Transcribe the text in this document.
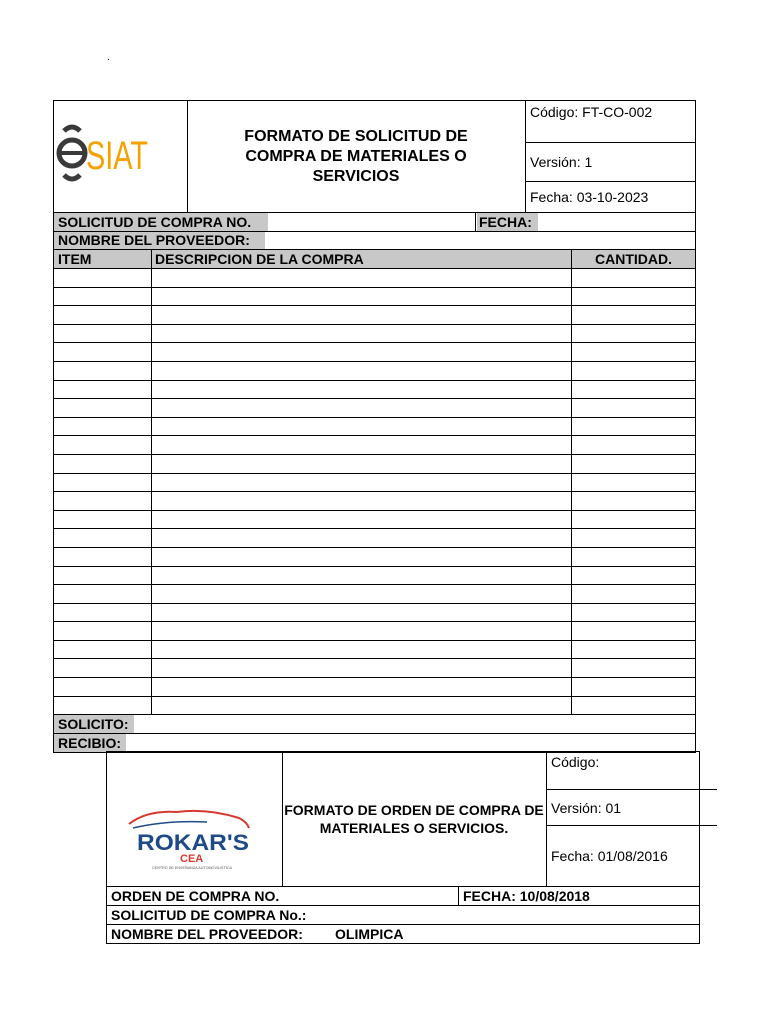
.
SIAT	FORMATO DE SOLICITUD DE COMPRA DE MATERIALES O SERVICIOS
Código: FT-CO-002
Versión: 1
Fecha: 03-10-2023
SOLICITUD DE COMPRA NO.	FECHA:
NOMBRE DEL PROVEEDOR:
ITEM	DESCRIPCION DE LA COMPRA	CANTIDAD.
SOLICITO:
RECIBIO:
ROKAR'S
CEA
CENTRO DE ENSEÑANZA AUTOMOVILISTICA
FORMATO DE ORDEN DE COMPRA DE MATERIALES O SERVICIOS.
Código:
Versión: 01
Fecha: 01/08/2016
ORDEN DE COMPRA NO.	FECHA: 10/08/2018
SOLICITUD DE COMPRA No.:
NOMBRE DEL PROVEEDOR: OLIMPICA
